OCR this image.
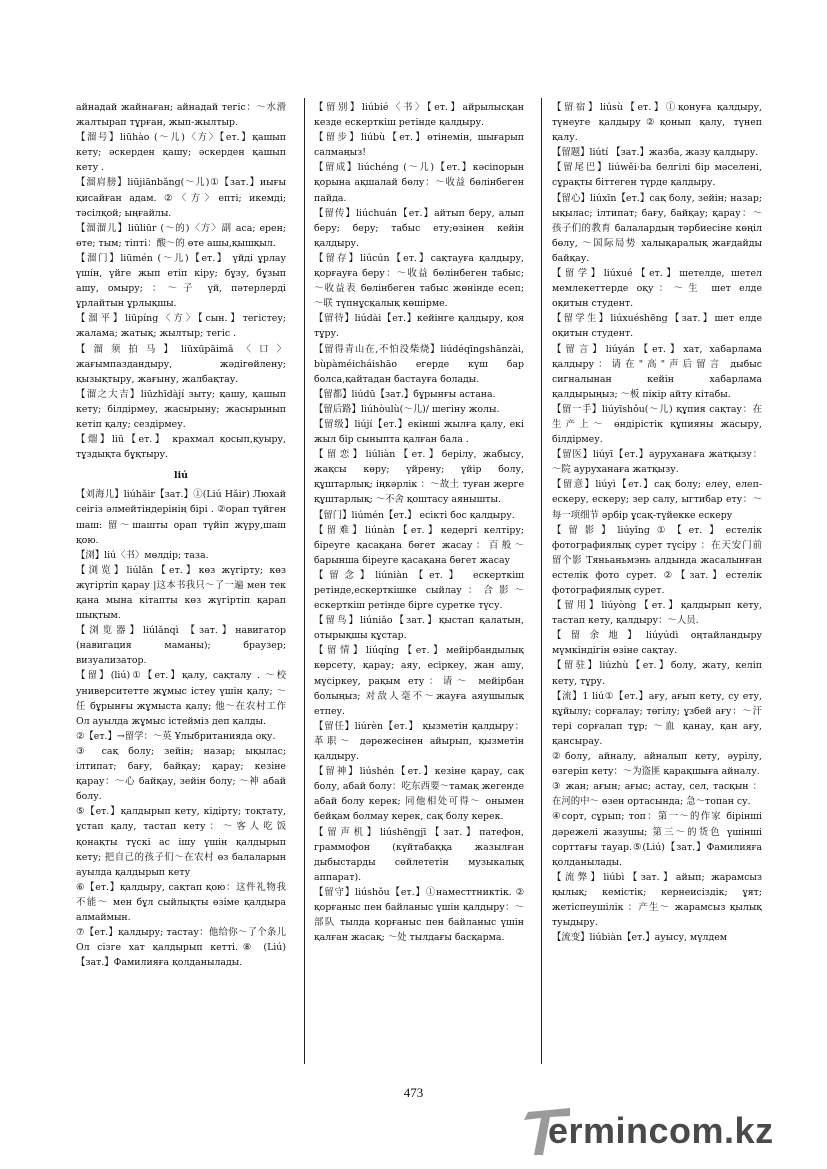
айнадай жайнаған; айнадай тегіс：～水滑 жалтырап тұрған, жып-жылтыр.
【溜号】liūhào (～儿)〈方〉【ет.】қашып кету; әскерден қашу; әскерден қашып кету .
【溜肩膀】liūjiānbǎng(～儿)①【зат.】иығы қисайған адам. ②〈方〉епті; икемді; тәсілқой; ыңғайлы.
【溜溜儿】liūliūr (～的)〈方〉副 аса; ерен; өте; тым; тіпті：酸～的 өте ашы,қышқыл.
【溜门】liūmén (～儿)【ет.】 үйді ұрлау үшін, үйге жып етіп кіру; бұзу, бұзып ашу, омыру; ：～子 үй, пәтерлерді ұрлайтын ұрлықшы.
【溜平】liūpíng〈方〉【сын.】тегістеу; жалама; жатық; жылтыр; тегіс .
【溜须拍马】liūxūpāimǎ〈口〉жағымпаздандыру, жәдігөйлену; қызықтыру, жағыну, жалбақтау.
【溜之大吉】liūzhīdàjí зыту; қашу, қашып кету; білдірмеу, жасырыну; жасырынып кетіп қалу; сездірмеу.
【熘】liū【ет.】 крахмал қосып,қуыру, тұздықта бұқтыру.
liú
【刘海儿】liúhǎir【зат.】①(Liú Hǎir) Люхай сеігіз әлмейтіндерінің бірі . ②орап түйген шаш: 留～шашты орап түйіп жүру,шаш қою.
【浏】liú〈书〉мөлдір; таза.
【浏览】liúlǎn【ет.】көз жүгірту; көз жүгіртіп қарау |这本书我只～了一遍 мен тек қана мына кітапты көз жүгіртіп қарап шықтым.
【浏览器】liúlǎnqì 【зат.】навигатор (навигация маманы); браузер; визуализатор.
【留】(liú)①【ет.】қалу, сақталу . ～校 университетте жұмыс істеу үшін қалу; ～任 бұрынғы жұмыста қалу; 他～在农村工作 Ол ауылда жұмыс істейміз деп қалды.
②【ет.】→留学：～英 Ұлыбританияда оқу.
③ сақ болу; зейін; назар; ықылас; ілтипат; бағу, байқау; қарау; кезіне қарау：～心 байқау, зейін болу; ～神 абай болу.
⑤【ет.】қалдырып кету, кідірту; тоқтату, ұстап қалу, тастап кету：～客人吃饭 қонақты түскі ас ішу үшін қалдырып кету; 把自己的孩子们～在农村 өз балаларын ауылда қалдырып кету
⑥【ет.】қалдыру, сақтап қою：这件礼物我不能～ мен бұл сыйлықты өзіме қалдыра алмаймын.
⑦【ет.】қалдыру; тастау：他给你～了个条儿 Ол сізге хат қалдырып кетті.⑧ (Liú)【зат.】Фамилияға қолданылады.
【留别】liúbié〈书〉【ет.】айрылысқан кезде ескерткіш ретінде қалдыру.
【留步】liúbù【ет.】өтінемін, шығарып салмаңыз!
【留成】liúchéng (～儿)【ет.】кәсіпорын қорына ақшалай бөлу：～收益 бөлінбеген пайда.
【留传】liúchuán【ет.】айтып беру, алып беру; беру; табыс ету;өзінен кейін қалдыру.
【留存】liúcún【ет.】сақтауға қалдыру, қорғауға беру：～收益 бөлінбеген табыс; ～收益表 бөлінбеген табыс жөнінде есеп; ～联 түпнұсқалық көшірме.
【留待】liúdài【ет.】кейінге қалдыру, қоя тұру.
【留得青山在,不怕没柴烧】liúdéqīngshānzài, bùpàméicháishāo егерде күш бар болса,қайтадан бастауға болады.
【留都】liúdū【зат.】бұрынғы астана.
【留后路】liúhòulù(～儿)/ шегіну жолы.
【留级】liújí【ет.】екінші жылға қалу, екі жыл бір сыныпта қалған бала .
【留恋】liúliàn【ет.】берілу, жабысу, жақсы көру; үйрену; үйір болу, құштарлық; іңкәрлік ：～故土 туған жерге құштарлық; ～不舍 қоштасу аянышты.
【留门】liúmén【ет.】 есікті бос қалдыру.
【留难】liúnàn【ет.】кедергі келтіру; біреуге қасақана бөгет жасау：百般～барынша біреуге қасақана бөгет жасау
【留念】liúniàn【ет.】 ескерткіш ретінде,ескерткішке сыйлау：合影～ ескерткіш ретінде бірге суретке түсу.
【留鸟】liúniǎo【зат.】қыстап қалатын, отырықшы құстар.
【留情】liúqíng【ет.】мейірбандылық көрсету, қарау; аяу, есіркеу, жан ашу, мүсіркеу, рақым ету：请～ мейірбан болыңыз; 对敌人毫不～жауға аяушылық етпеу.
【留任】liúrèn【ет.】 қызметін қалдыру：革职～ дәрежесінен айырып, қызметін қалдыру.
【留神】liúshén【ет.】кезіне қарау, сақ болу, абай болу：吃东西要～тамақ жегенде абай болу керек; 同他相处可得～ онымен бейқам болмау керек, сақ болу керек.
【留声机】liúshēngjī【зат.】патефон, граммофон (күйтабаққа жазылған дыбыстарды сөйлететін музыкалық аппарат).
【留守】liúshǒu【ет.】①наместтниктік. ② қорғаныс пен байланыс үшін қалдыру：～部队 тылда қорғаныс пен байланыс үшін қалған жасақ; ～处 тылдағы басқарма.
【留宿】liúsù【ет.】①қонуға қалдыру, түнеуге қалдыру②қонып қалу, түнеп қалу.
【留题】liútí 【зат.】жазба, жазу қалдыру.
【留尾巴】liúwěi·ba белгілі бір мәселені, сұрақты біттеген түрде қалдыру.
【留心】liúxīn【ет.】сақ болу, зейін; назар; ықылас; ілтипат; бағу, байқау; қарау：～孩子们的教育 балалардың тәрбиесіне көңіл бөлу, ～国际局势 халықаралық жағдайды байқау.
【留学】liúxué【ет.】шетелде, шетел мемлекеттерде оқу：～生 шет елде оқитын студент.
【留学生】liúxuéshēng【зат.】шет елде оқитын студент.
【留言】liúyán【ет.】хат, хабарлама қалдыру：请在"高"声后留言 дыбыс сигналынан кейін хабарлама қалдырыңыз; ～板 пікір айту кітабы.
【留一手】liúyīshǒu(～儿) құпия сақтау：在生产上～ өндірістік құпияны жасыру, білдірмеу.
【留医】liúyī【ет.】ауруханаға жатқызу：～院 ауруханаға жатқызу.
【留意】liúyì【ет.】сақ болу; елеу, елеп-ескеру, ескеру; зер салу, ыгтибар ету：～每一项细节 әрбір ұсақ-түйекке ескеру
【留影】liúyǐng①【ет.】естелік фотографиялық сурет түсіру ：在天安门前留个影 Тяньаньмэнь алдында жасалынған естелік фото сурет. ②【зат.】естелік фотографиялық сурет.
【留用】liúyòng【ет.】қалдырып кету, тастап кету, қалдыру：～人员.
【留余地】liúyúdì оңтайландыру мүмкіндігін өзіне сақтау.
【留驻】liúzhù【ет.】болу, жату, келіп кету, тұру.
【流】1 liú①【ет.】ағу, ағып кету, су ету, құйылу; сорғалау; төгілу; ұзбей ағу：～汗 тері сорғалап тұр; ～血 қанау, қан ағу, қансырау.
②болу, айналу, айналып кету, әурілу, өзгеріп кету：～为盗匪 қарақшыға айналу.
③ жан; ағын; ағыс; астау, сел, тасқын ：在河的中～ өзен ортасында; 急～топан су.
④сорт, сұрып; топ：第一～的作家 бірінші дәрежелі жазушы; 第三～的货色 үшінші сорттағы тауар.⑤(Liú)【зат.】Фамилияға қолданылады.
【流弊】liúbì【зат.】айып; жарамсыз қылық; кемістік; кернеисіздік; ұят; жетіспеушілік ：产生～ жарамсыз қылық туыдыру.
【流变】liúbiàn【ет.】ауысу, мүлдем
473
ermincom.kz
